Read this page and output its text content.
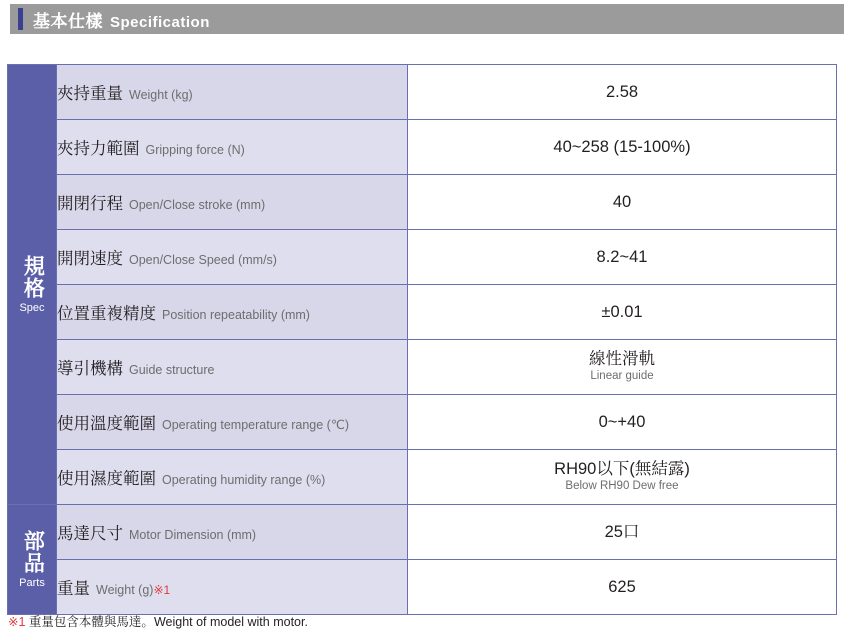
基本仕樣 Specification
規格
Spec	夾持重量 Weight (kg)	2.58
	夾持力範圍 Gripping force (N)	40~258 (15-100%)
	開閉行程 Open/Close stroke (mm)	40
	開閉速度 Open/Close Speed (mm/s)	8.2~41
	位置重複精度 Position repeatability (mm)	±0.01
	導引機構 Guide structure	線性滑軌
Linear guide

	使用溫度範圍 Operating temperature range (℃)	0~+40
	使用濕度範圍 Operating humidity range (%)	RH90以下(無結露)
Below RH90 Dew free

部品
Parts	馬達尺寸 Motor Dimension (mm)	25口
	重量 Weight (g)※1	625
※1 重量包含本體與馬達。Weight of model with motor.
